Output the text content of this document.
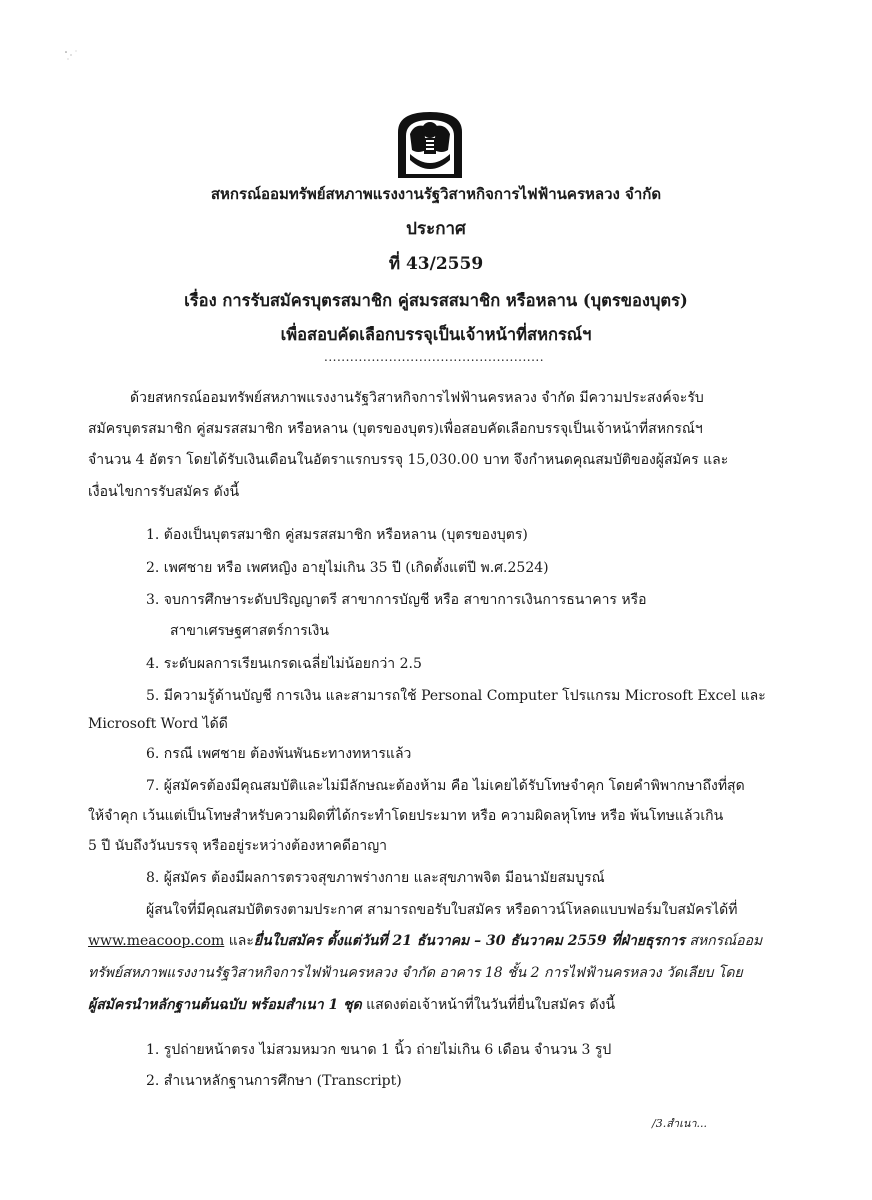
สหกรณ์ออมทรัพย์สหภาพแรงงานรัฐวิสาหกิจการไฟฟ้านครหลวง จำกัด
ประกาศ
ที่ 43/2559
เรื่อง การรับสมัครบุตรสมาชิก คู่สมรสสมาชิก หรือหลาน (บุตรของบุตร)
เพื่อสอบคัดเลือกบรรจุเป็นเจ้าหน้าที่สหกรณ์ฯ
...................................................
ด้วยสหกรณ์ออมทรัพย์สหภาพแรงงานรัฐวิสาหกิจการไฟฟ้านครหลวง จำกัด มีความประสงค์จะรับ
สมัครบุตรสมาชิก คู่สมรสสมาชิก หรือหลาน (บุตรของบุตร)เพื่อสอบคัดเลือกบรรจุเป็นเจ้าหน้าที่สหกรณ์ฯ
จำนวน 4 อัตรา โดยได้รับเงินเดือนในอัตราแรกบรรจุ 15,030.00 บาท จึงกำหนดคุณสมบัติของผู้สมัคร และ
เงื่อนไขการรับสมัคร ดังนี้
1. ต้องเป็นบุตรสมาชิก คู่สมรสสมาชิก หรือหลาน (บุตรของบุตร)
2. เพศชาย หรือ เพศหญิง อายุไม่เกิน 35 ปี (เกิดตั้งแต่ปี พ.ศ.2524)
3. จบการศึกษาระดับปริญญาตรี สาขาการบัญชี หรือ สาขาการเงินการธนาคาร หรือ
สาขาเศรษฐศาสตร์การเงิน
4. ระดับผลการเรียนเกรดเฉลี่ยไม่น้อยกว่า 2.5
5. มีความรู้ด้านบัญชี การเงิน และสามารถใช้ Personal Computer โปรแกรม Microsoft Excel และ
Microsoft Word ได้ดี
6. กรณี เพศชาย ต้องพ้นพันธะทางทหารแล้ว
7. ผู้สมัครต้องมีคุณสมบัติและไม่มีลักษณะต้องห้าม คือ ไม่เคยได้รับโทษจำคุก โดยคำพิพากษาถึงที่สุด
ให้จำคุก เว้นแต่เป็นโทษสำหรับความผิดที่ได้กระทำโดยประมาท หรือ ความผิดลหุโทษ หรือ พ้นโทษแล้วเกิน
5 ปี นับถึงวันบรรจุ หรืออยู่ระหว่างต้องหาคดีอาญา
8. ผู้สมัคร ต้องมีผลการตรวจสุขภาพร่างกาย และสุขภาพจิต มีอนามัยสมบูรณ์
ผู้สนใจที่มีคุณสมบัติตรงตามประกาศ สามารถขอรับใบสมัคร หรือดาวน์โหลดแบบฟอร์มใบสมัครได้ที่
www.meacoop.com และยื่นใบสมัคร ตั้งแต่วันที่ 21 ธันวาคม – 30 ธันวาคม 2559 ที่ฝ่ายธุรการ สหกรณ์ออม
ทรัพย์สหภาพแรงงานรัฐวิสาหกิจการไฟฟ้านครหลวง จำกัด อาคาร 18 ชั้น 2 การไฟฟ้านครหลวง วัดเลียบ โดย
ผู้สมัครนำหลักฐานต้นฉบับ พร้อมสำเนา 1 ชุด แสดงต่อเจ้าหน้าที่ในวันที่ยื่นใบสมัคร ดังนี้
1. รูปถ่ายหน้าตรง ไม่สวมหมวก ขนาด 1 นิ้ว ถ่ายไม่เกิน 6 เดือน จำนวน 3 รูป
2. สำเนาหลักฐานการศึกษา (Transcript)
/3.สำเนา...
